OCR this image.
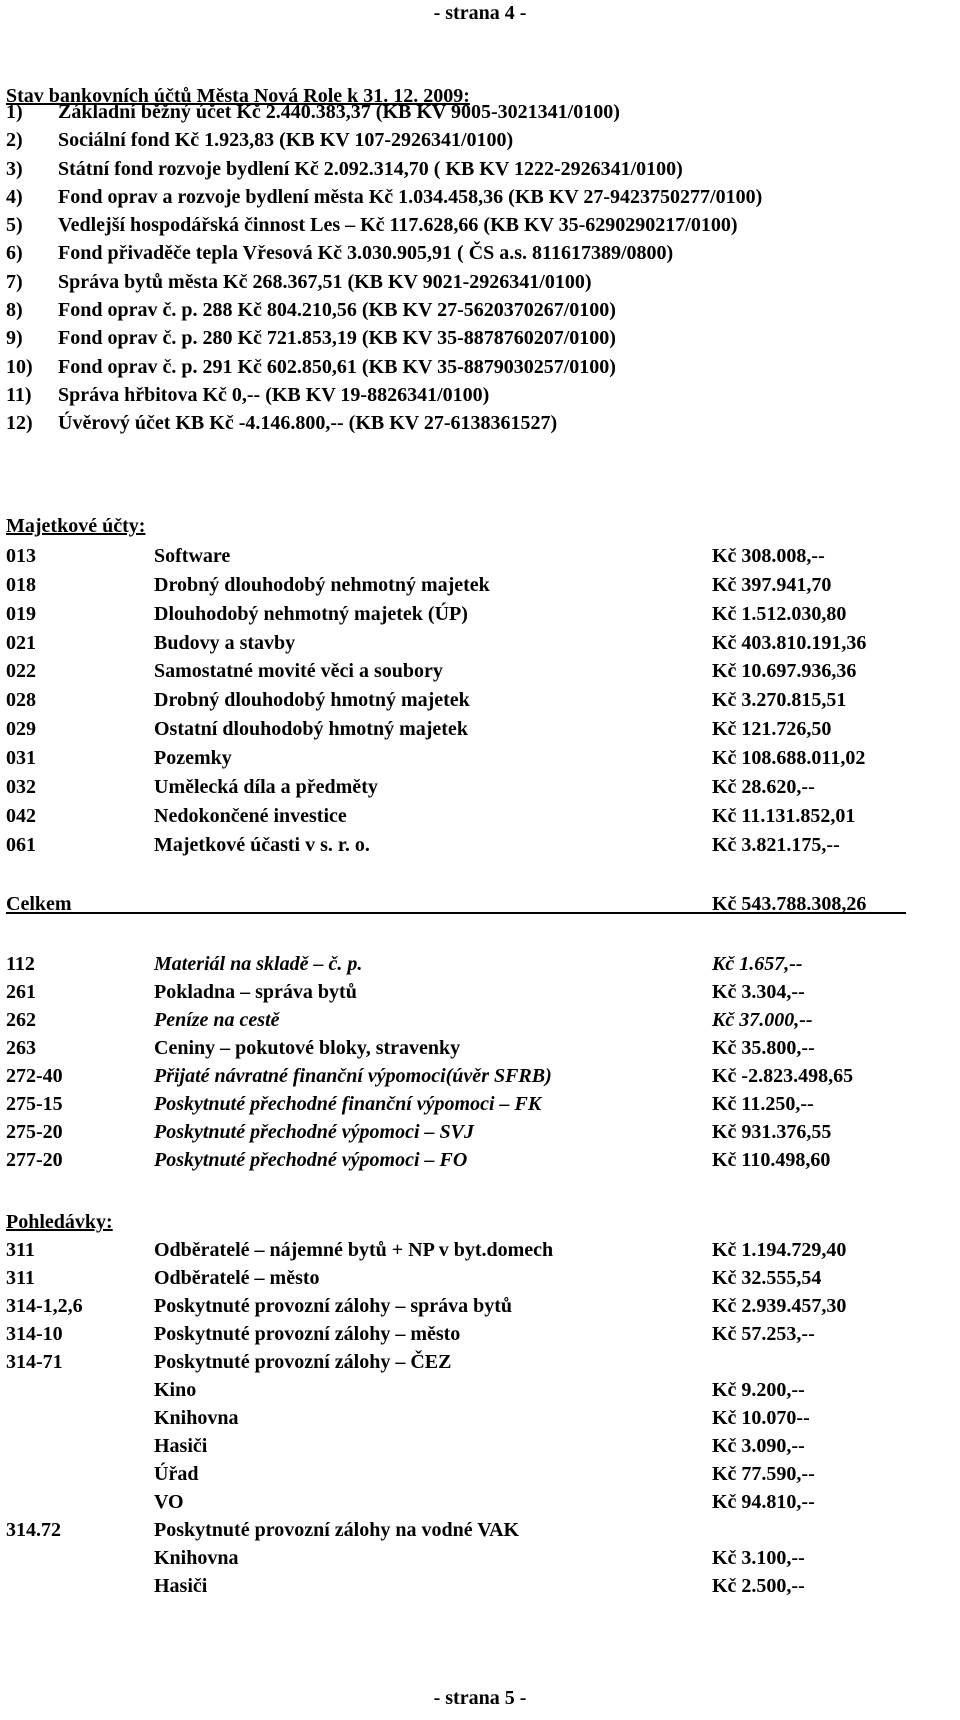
- strana 4 -
Stav bankovních účtů Města Nová Role k 31. 12. 2009:
1)	Základní běžný účet Kč 2.440.383,37 (KB KV 9005-3021341/0100)
2)	Sociální fond Kč 1.923,83 (KB KV 107-2926341/0100)
3)	Státní fond rozvoje bydlení Kč 2.092.314,70 ( KB KV 1222-2926341/0100)
4)	Fond oprav a rozvoje bydlení města Kč 1.034.458,36 (KB KV 27-9423750277/0100)
5)	Vedlejší hospodářská činnost Les – Kč 117.628,66 (KB KV 35-6290290217/0100)
6)	Fond přivaděče tepla Vřesová Kč 3.030.905,91 ( ČS a.s. 811617389/0800)
7)	Správa bytů města Kč 268.367,51 (KB KV 9021-2926341/0100)
8)	Fond oprav č. p. 288 Kč 804.210,56 (KB KV 27-5620370267/0100)
9)	Fond oprav č. p. 280 Kč 721.853,19 (KB KV 35-8878760207/0100)
10)	Fond oprav č. p. 291 Kč 602.850,61 (KB KV 35-8879030257/0100)
11)	Správa hřbitova Kč 0,-- (KB KV 19-8826341/0100)
12)	Úvěrový účet KB Kč -4.146.800,-- (KB KV 27-6138361527)
Majetkové účty:
013	Software	Kč 308.008,--
018	Drobný dlouhodobý nehmotný majetek	Kč 397.941,70
019	Dlouhodobý nehmotný majetek (ÚP)	Kč 1.512.030,80
021	Budovy a stavby	Kč 403.810.191,36
022	Samostatné movité věci a soubory	Kč 10.697.936,36
028	Drobný dlouhodobý hmotný majetek	Kč 3.270.815,51
029	Ostatní dlouhodobý hmotný majetek	Kč 121.726,50
031	Pozemky	Kč 108.688.011,02
032	Umělecká díla a předměty	Kč 28.620,--
042	Nedokončené investice	Kč 11.131.852,01
061	Majetkové účasti v s. r. o.	Kč 3.821.175,--
Celkem	Kč 543.788.308,26
112	Materiál na skladě – č. p.	Kč 1.657,--
261	Pokladna – správa bytů	Kč 3.304,--
262	Peníze na cestě	Kč 37.000,--
263	Ceniny – pokutové bloky, stravenky	Kč 35.800,--
272-40	Přijaté návratné finanční výpomoci(úvěr SFRB)	Kč -2.823.498,65
275-15	Poskytnuté přechodné finanční výpomoci – FK	Kč 11.250,--
275-20	Poskytnuté přechodné výpomoci – SVJ	Kč 931.376,55
277-20	Poskytnuté přechodné výpomoci – FO	Kč 110.498,60
Pohledávky:
311	Odběratelé – nájemné bytů + NP v byt.domech	Kč 1.194.729,40
311	Odběratelé – město	Kč 32.555,54
314-1,2,6	Poskytnuté provozní zálohy – správa bytů	Kč 2.939.457,30
314-10	Poskytnuté provozní zálohy – město	Kč 57.253,--
314-71	Poskytnuté provozní zálohy – ČEZ
Kino	Kč 9.200,--
Knihovna	Kč 10.070--
Hasiči	Kč 3.090,--
Úřad	Kč 77.590,--
VO	Kč 94.810,--
314.72	Poskytnuté provozní zálohy na vodné VAK
Knihovna	Kč 3.100,--
Hasiči	Kč 2.500,--
- strana 5 -
